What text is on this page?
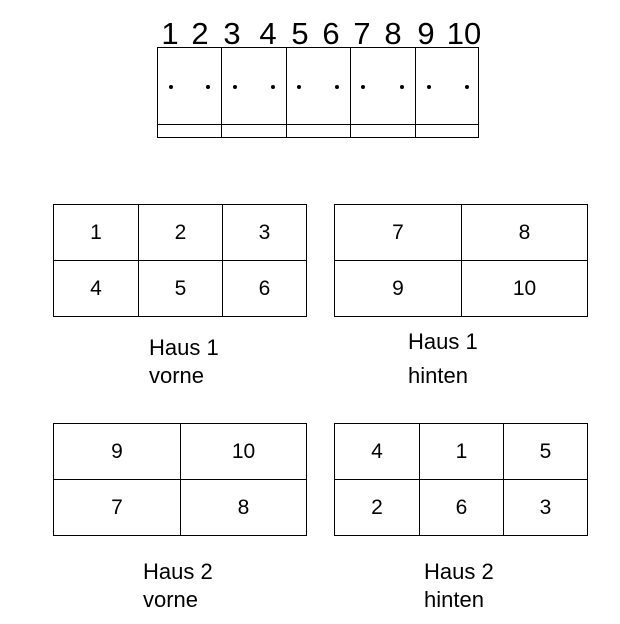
1 2 3 4 5 6 7 8 9 10
1	2	3
4	5	6
7	8
9	10
Haus 1
vorne
Haus 1
hinten
9	10
7	8
4	1	5
2	6	3
Haus 2
vorne
Haus 2
hinten
